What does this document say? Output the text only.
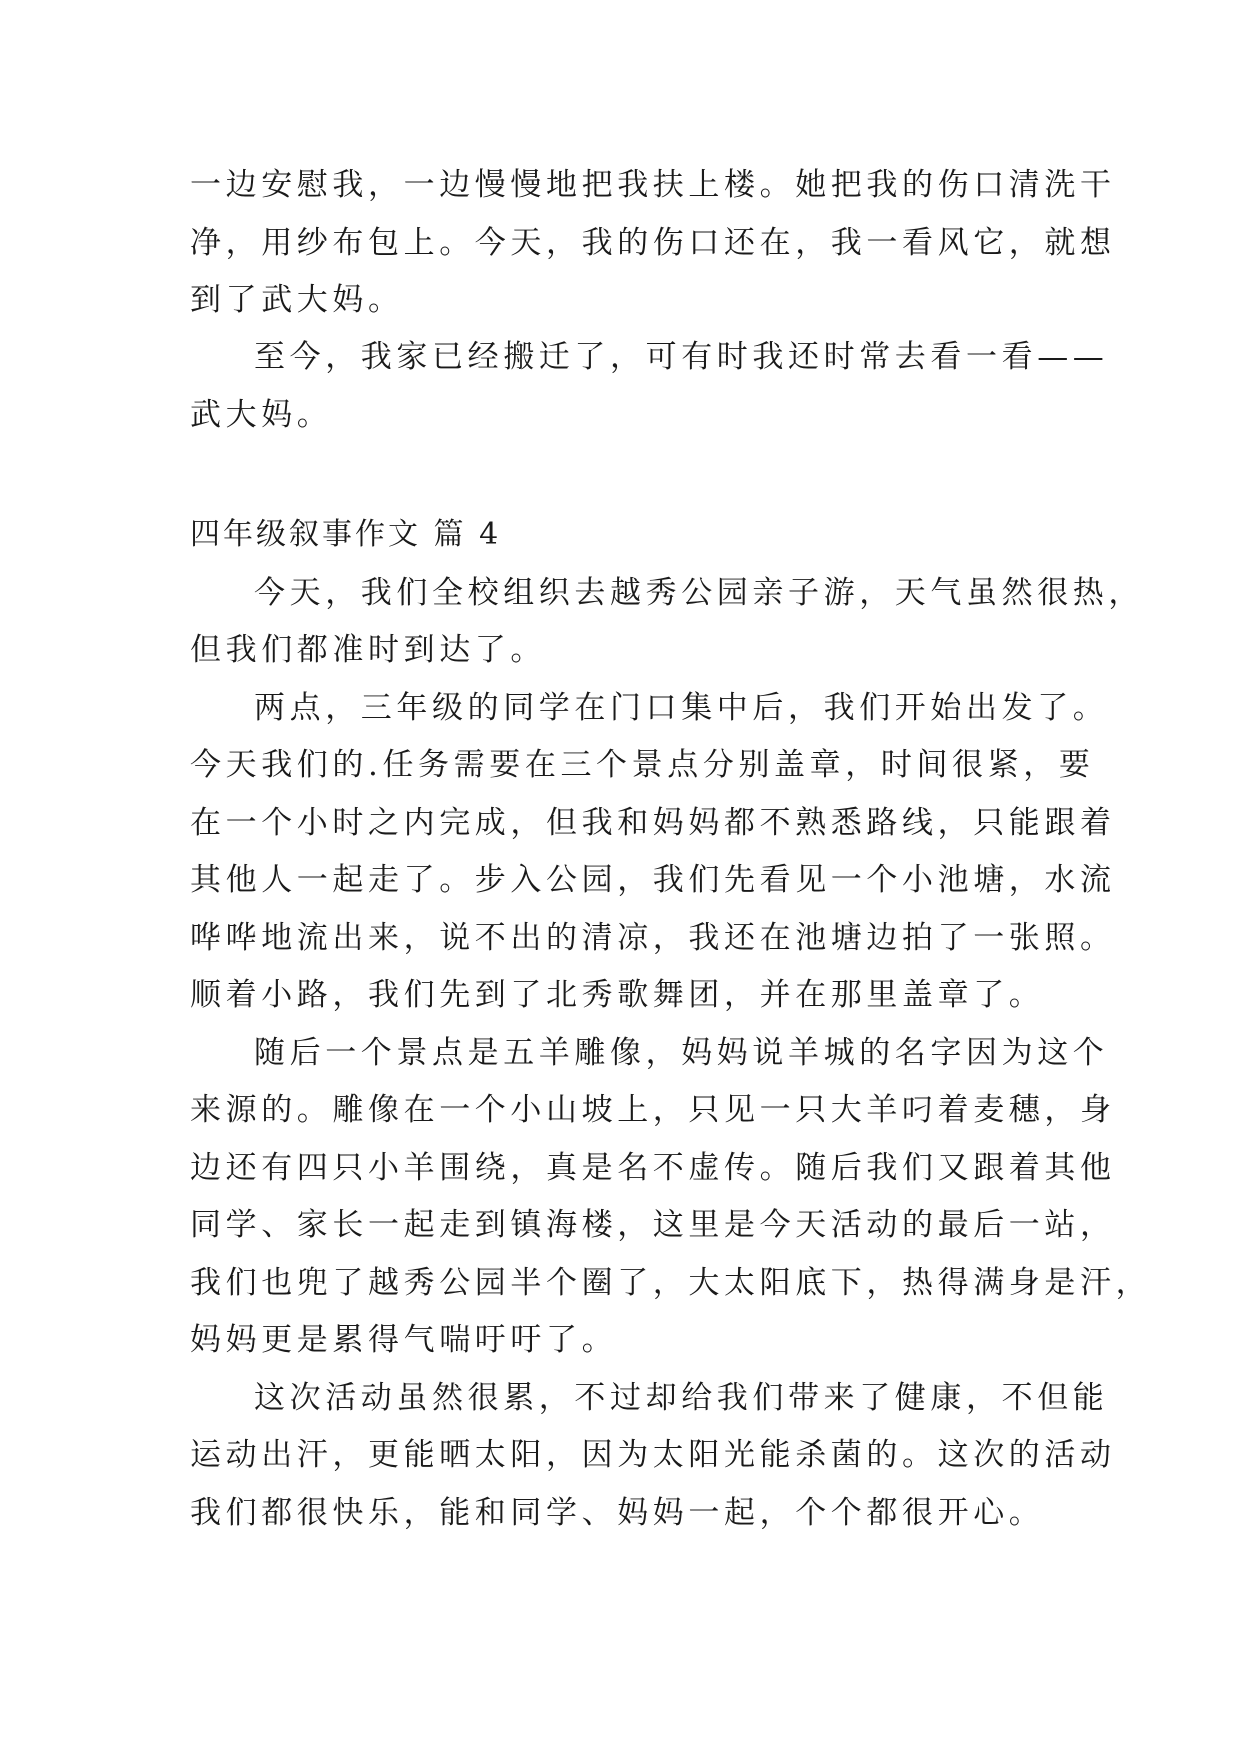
一边安慰我，一边慢慢地把我扶上楼。她把我的伤口清洗干
净，用纱布包上。今天，我的伤口还在，我一看风它，就想
到了武大妈。
至今，我家已经搬迁了，可有时我还时常去看一看——
武大妈。
四年级叙事作文 篇 4
今天，我们全校组织去越秀公园亲子游，天气虽然很热，
但我们都准时到达了。
两点，三年级的同学在门口集中后，我们开始出发了。
今天我们的.任务需要在三个景点分别盖章，时间很紧，要
在一个小时之内完成，但我和妈妈都不熟悉路线，只能跟着
其他人一起走了。步入公园，我们先看见一个小池塘，水流
哗哗地流出来，说不出的清凉，我还在池塘边拍了一张照。
顺着小路，我们先到了北秀歌舞团，并在那里盖章了。
随后一个景点是五羊雕像，妈妈说羊城的名字因为这个
来源的。雕像在一个小山坡上，只见一只大羊叼着麦穗，身
边还有四只小羊围绕，真是名不虚传。随后我们又跟着其他
同学、家长一起走到镇海楼，这里是今天活动的最后一站，
我们也兜了越秀公园半个圈了，大太阳底下，热得满身是汗，
妈妈更是累得气喘吁吁了。
这次活动虽然很累，不过却给我们带来了健康，不但能
运动出汗，更能晒太阳，因为太阳光能杀菌的。这次的活动
我们都很快乐，能和同学、妈妈一起，个个都很开心。
